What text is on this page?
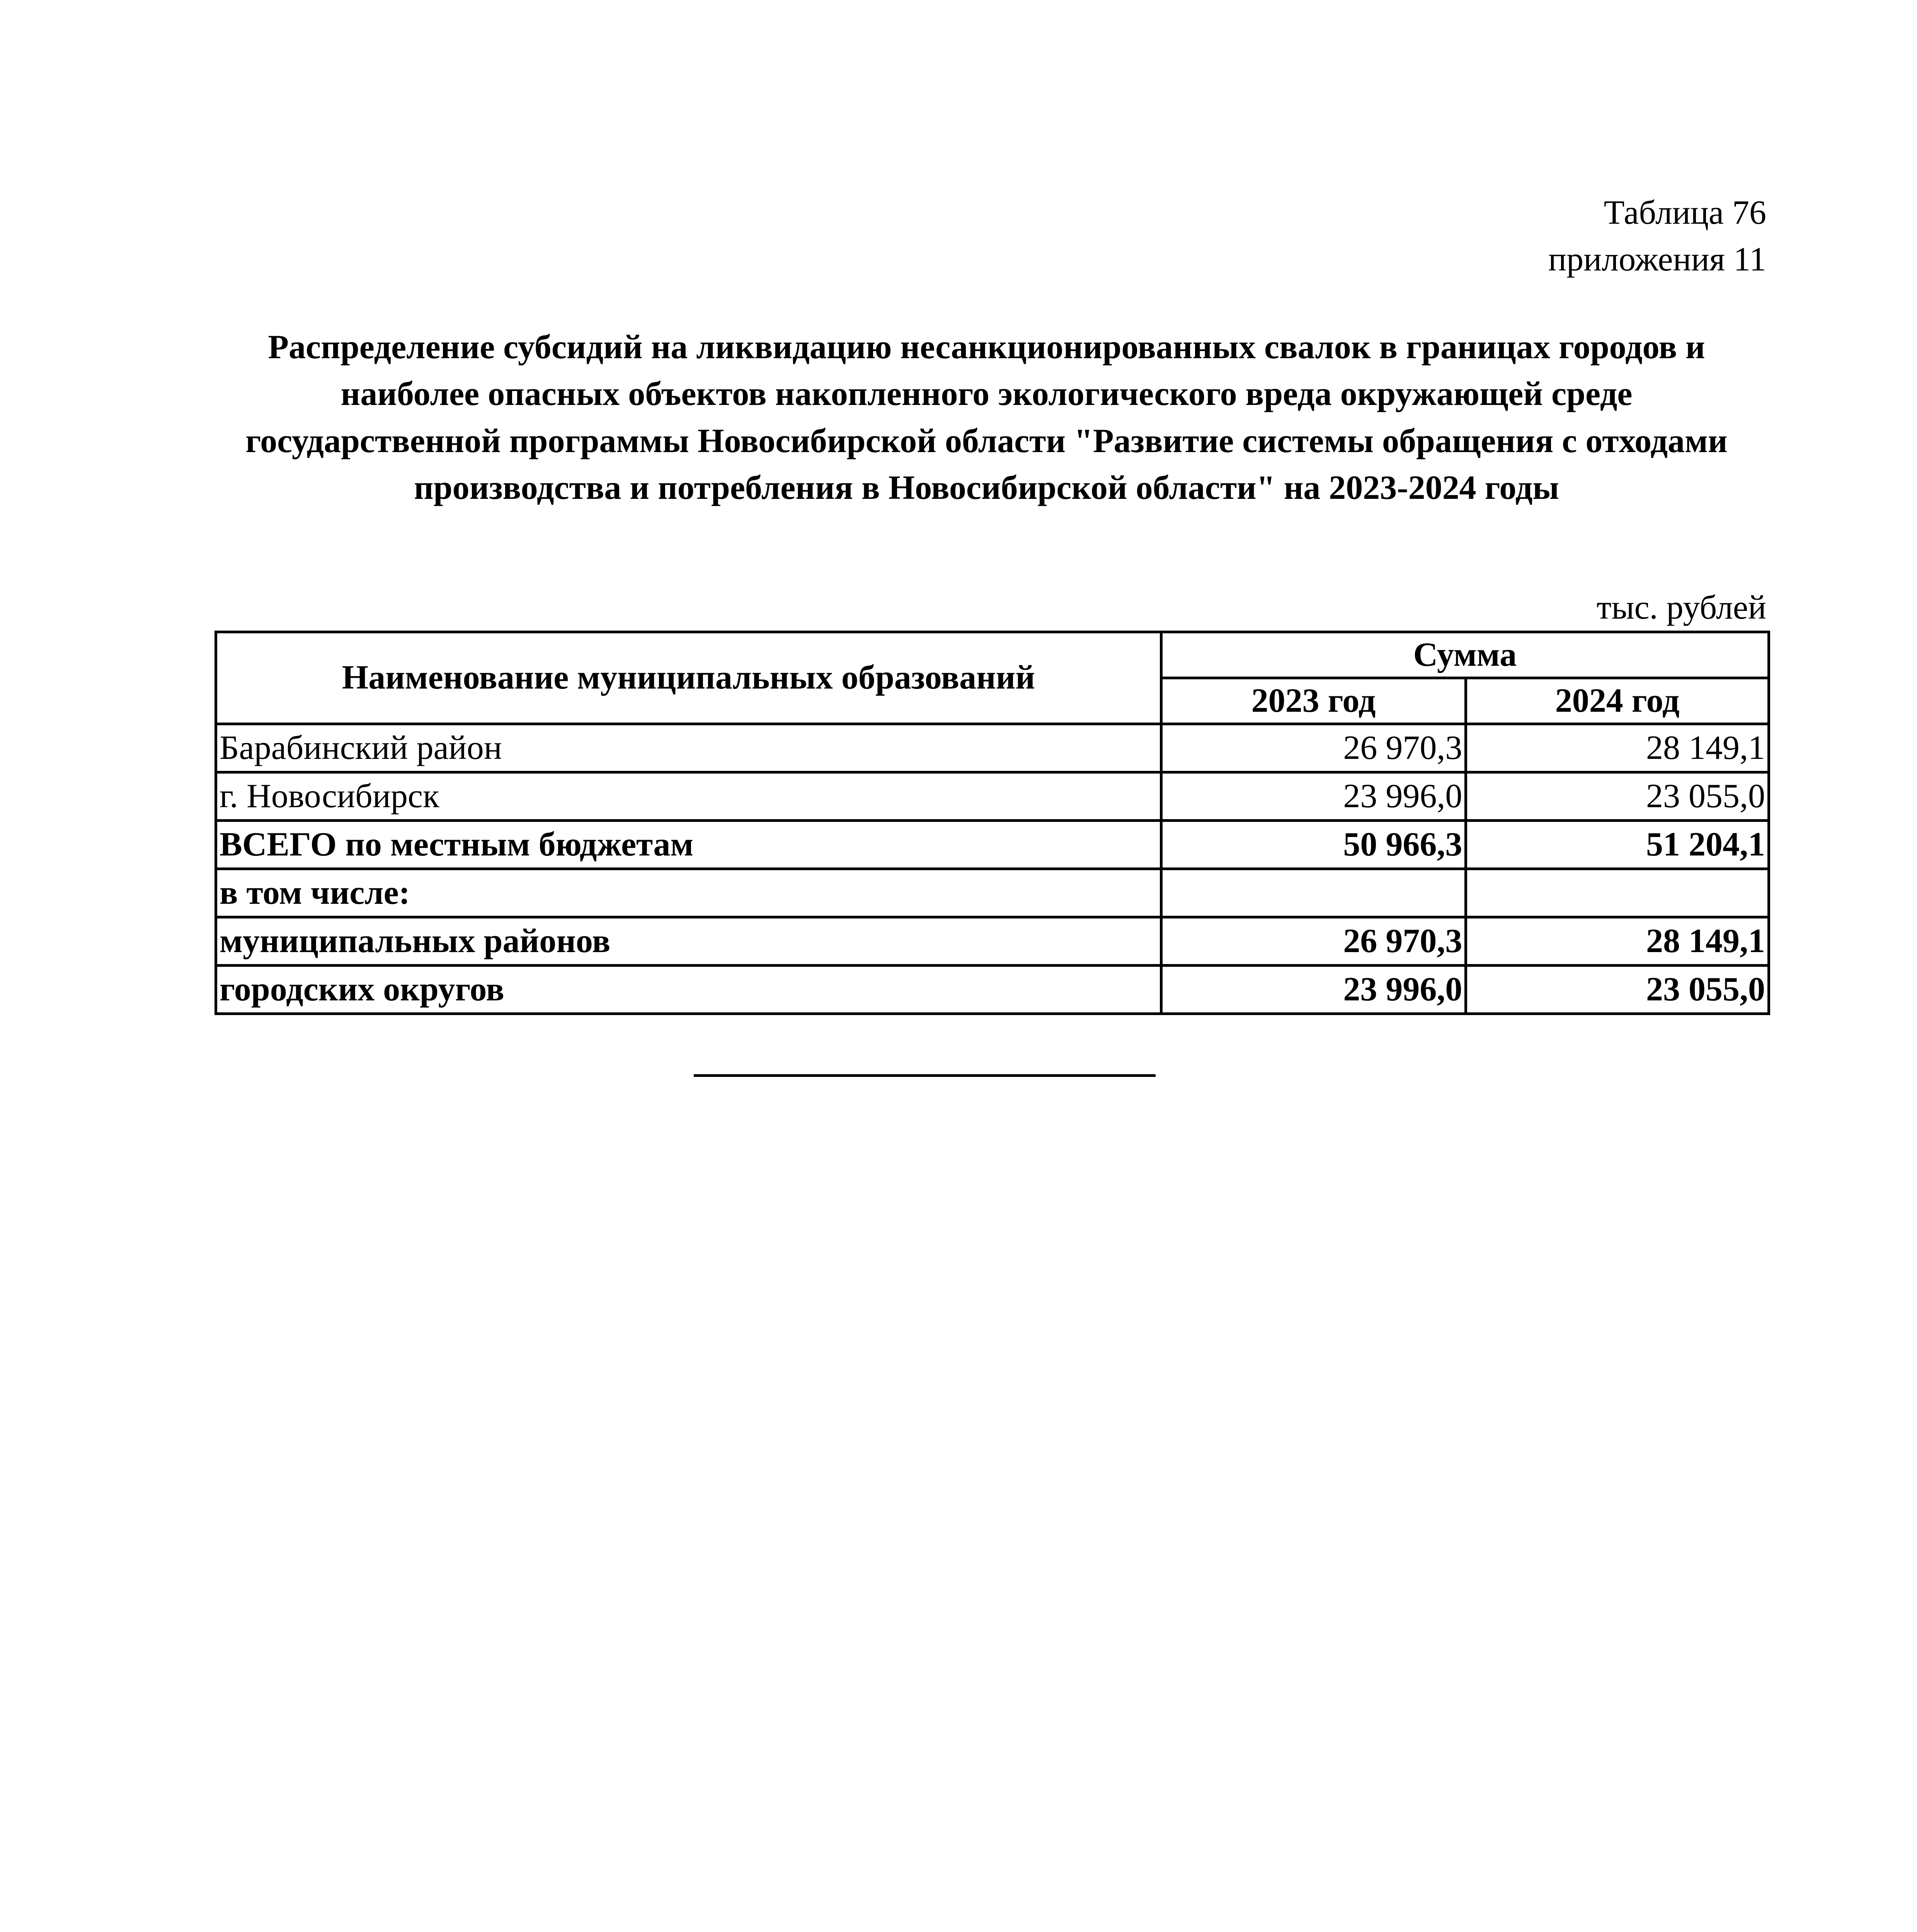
Таблица 76
приложения 11
Распределение субсидий на ликвидацию несанкционированных свалок в границах городов и наиболее опасных объектов накопленного экологического вреда окружающей среде государственной программы Новосибирской области "Развитие системы обращения с отходами производства и потребления в Новосибирской области" на 2023-2024 годы
тыс. рублей
Наименование муниципальных образований	Сумма	
	2023 год	2024 год
Барабинский район	26 970,3	28 149,1
г. Новосибирск	23 996,0	23 055,0
ВСЕГО по местным бюджетам	50 966,3	51 204,1
в том числе:		
муниципальных районов	26 970,3	28 149,1
городских округов	23 996,0	23 055,0
